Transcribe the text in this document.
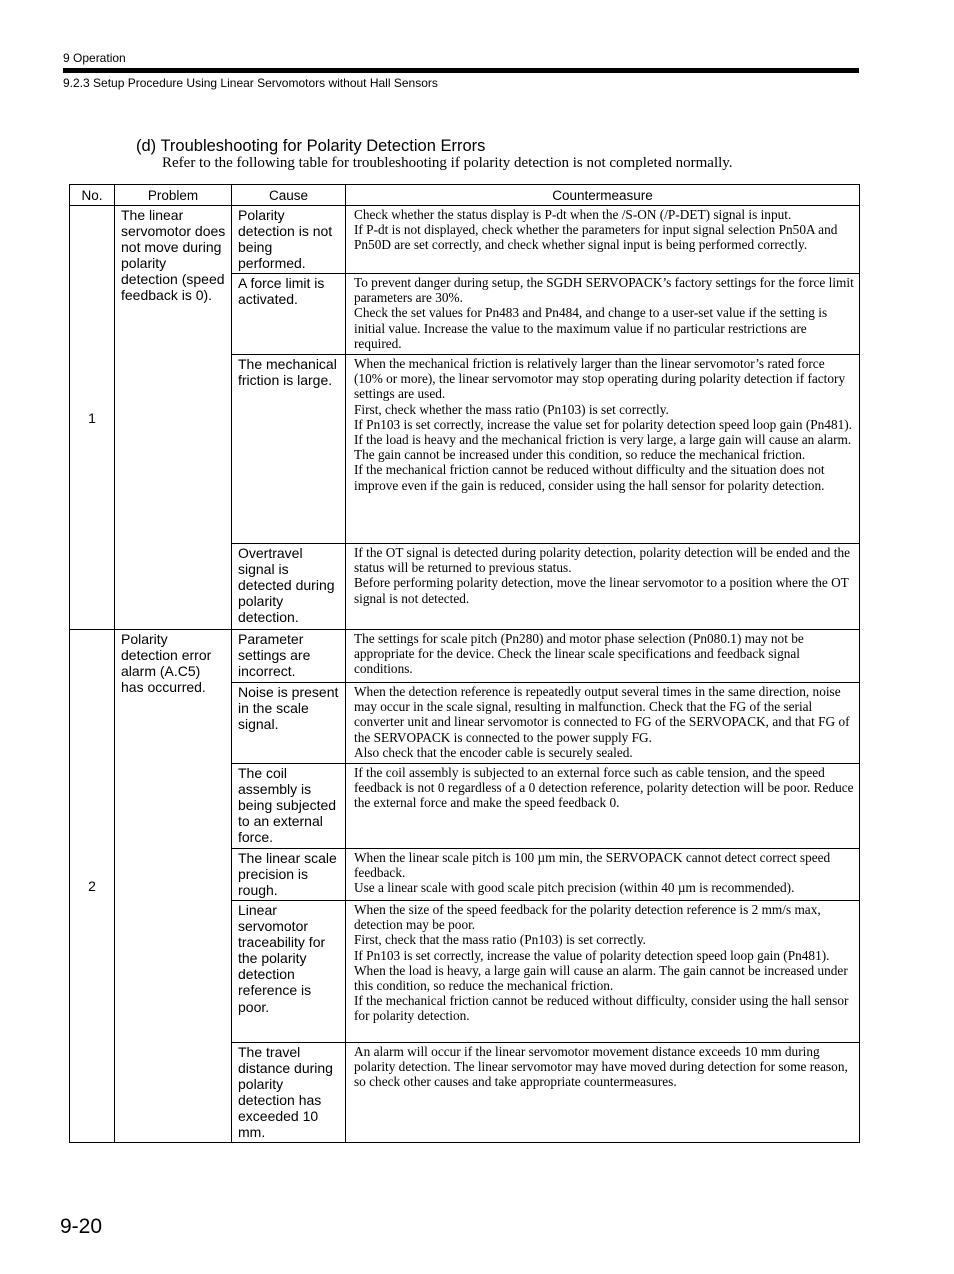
9 Operation
9.2.3 Setup Procedure Using Linear Servomotors without Hall Sensors
(d) Troubleshooting for Polarity Detection Errors
Refer to the following table for troubleshooting if polarity detection is not completed normally.
No.	Problem	Cause	Countermeasure
1	The linear servomotor does not move during polarity detection (speed feedback is 0).	Polarity detection is not being performed.	Check whether the status display is P-dt when the /S-ON (/P-DET) signal is input.
If P-dt is not displayed, check whether the parameters for input signal selection Pn50A and Pn50D are set correctly, and check whether signal input is being performed correctly.

		A force limit is activated.	To prevent danger during setup, the SGDH SERVOPACK’s factory settings for the force limit parameters are 30%.
Check the set values for Pn483 and Pn484, and change to a user-set value if the setting is initial value. Increase the value to the maximum value if no particular restrictions are required.

		The mechanical friction is large.	When the mechanical friction is relatively larger than the linear servomotor’s rated force (10% or more), the linear servomotor may stop operating during polarity detection if factory settings are used.
First, check whether the mass ratio (Pn103) is set correctly.
If Pn103 is set correctly, increase the value set for polarity detection speed loop gain (Pn481).
If the load is heavy and the mechanical friction is very large, a large gain will cause an alarm. The gain cannot be increased under this condition, so reduce the mechanical friction.
If the mechanical friction cannot be reduced without difficulty and the situation does not improve even if the gain is reduced, consider using the hall sensor for polarity detection.

		Overtravel signal is detected during polarity detection.	If the OT signal is detected during polarity detection, polarity detection will be ended and the status will be returned to previous status.
Before performing polarity detection, move the linear servomotor to a position where the OT signal is not detected.

2	Polarity detection error alarm (A.C5) has occurred.	Parameter settings are incorrect.	The settings for scale pitch (Pn280) and motor phase selection (Pn080.1) may not be appropriate for the device. Check the linear scale specifications and feedback signal conditions.

		Noise is present in the scale signal.	When the detection reference is repeatedly output several times in the same direction, noise may occur in the scale signal, resulting in malfunction. Check that the FG of the serial converter unit and linear servomotor is connected to FG of the SERVOPACK, and that FG of the SERVOPACK is connected to the power supply FG.
Also check that the encoder cable is securely sealed.

		The coil assembly is being subjected to an external force.	If the coil assembly is subjected to an external force such as cable tension, and the speed feedback is not 0 regardless of a 0 detection reference, polarity detection will be poor. Reduce the external force and make the speed feedback 0.

		The linear scale precision is rough.	When the linear scale pitch is 100 µm min, the SERVOPACK cannot detect correct speed feedback.
Use a linear scale with good scale pitch precision (within 40 µm is recommended).

		Linear servomotor traceability for the polarity detection reference is poor.	When the size of the speed feedback for the polarity detection reference is 2 mm/s max, detection may be poor.
First, check that the mass ratio (Pn103) is set correctly.
If Pn103 is set correctly, increase the value of polarity detection speed loop gain (Pn481).
When the load is heavy, a large gain will cause an alarm. The gain cannot be increased under this condition, so reduce the mechanical friction.
If the mechanical friction cannot be reduced without difficulty, consider using the hall sensor for polarity detection.

		The travel distance during polarity detection has exceeded 10 mm.	An alarm will occur if the linear servomotor movement distance exceeds 10 mm during polarity detection. The linear servomotor may have moved during detection for some reason, so check other causes and take appropriate countermeasures.
9-20
